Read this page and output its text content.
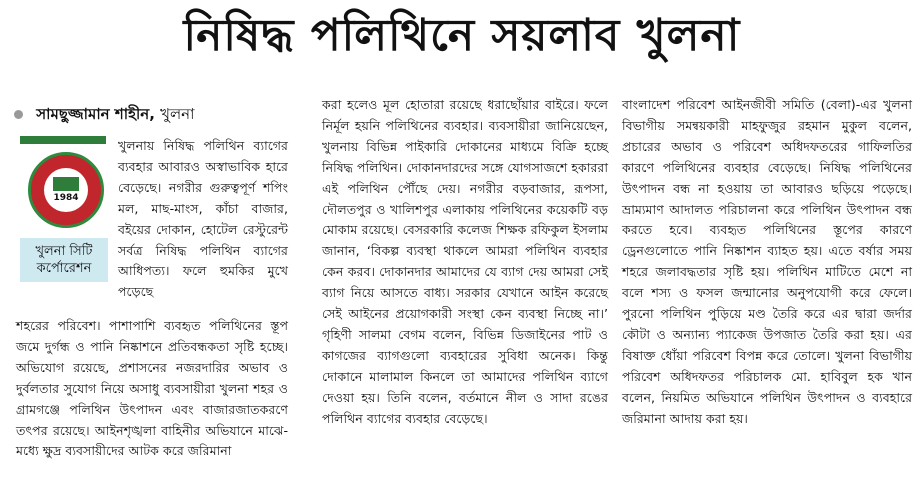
নিষিদ্ধ পলিথিনে সয়লাব খুলনা
সামছুজ্জামান শাহীন, খুলনা
1984
খুলনা সিটি কর্পোরেশন

খুলনায় নিষিদ্ধ পলিথিন ব্যাগের ব্যবহার আবারও অস্বাভাবিক হারে বেড়েছে। নগরীর গুরুত্বপূর্ণ শপিং মল, মাছ-মাংস, কাঁচা বাজার, বইয়ের দোকান, হোটেল রেস্টুরেন্ট সর্বত্র নিষিদ্ধ পলিথিন ব্যাগের আধিপত্য। ফলে হুমকির মুখে পড়েছে

শহরের পরিবেশ। পাশাপাশি ব্যবহৃত পলিথিনের স্তূপ জমে দুর্গন্ধ ও পানি নিষ্কাশনে প্রতিবন্ধকতা সৃষ্টি হচ্ছে। অভিযোগ রয়েছে, প্রশাসনের নজরদারির অভাব ও দুর্বলতার সুযোগ নিয়ে অসাধু ব্যবসায়ীরা খুলনা শহর ও গ্রামগঞ্জে পলিথিন উৎপাদন এবং বাজারজাতকরণে তৎপর রয়েছে। আইনশৃঙ্খলা বাহিনীর অভিযানে মাঝে-মধ্যে ক্ষুদ্র ব্যবসায়ীদের আটক করে জরিমানা

করা হলেও মূল হোতারা রয়েছে ধরাছোঁয়ার বাইরে। ফলে নির্মূল হয়নি পলিথিনের ব্যবহার। ব্যবসায়ীরা জানিয়েছেন, খুলনায় বিভিন্ন পাইকারি দোকানের মাধ্যমে বিক্রি হচ্ছে নিষিদ্ধ পলিথিন। দোকানদারদের সঙ্গে যোগসাজশে হকাররা এই পলিথিন পৌঁছে দেয়। নগরীর বড়বাজার, রূপসা, দৌলতপুর ও খালিশপুর এলাকায় পলিথিনের কয়েকটি বড় মোকাম রয়েছে। বেসরকারি কলেজ শিক্ষক রফিকুল ইসলাম জানান, ‘বিকল্প ব্যবস্থা থাকলে আমরা পলিথিন ব্যবহার কেন করব। দোকানদার আমাদের যে ব্যাগ দেয় আমরা সেই ব্যাগ নিয়ে আসতে বাধ্য। সরকার যেখানে আইন করেছে সেই আইনের প্রয়োগকারী সংস্থা কেন ব্যবস্থা নিচ্ছে না।’ গৃহিণী সালমা বেগম বলেন, বিভিন্ন ডিজাইনের পাট ও কাগজের ব্যাগগুলো ব্যবহারের সুবিধা অনেক। কিন্তু দোকানে মালামাল কিনলে তা আমাদের পলিথিন ব্যাগে দেওয়া হয়। তিনি বলেন, বর্তমানে নীল ও সাদা রঙের পলিথিন ব্যাগের ব্যবহার বেড়েছে।

বাংলাদেশ পরিবেশ আইনজীবী সমিতি (বেলা)-এর খুলনা বিভাগীয় সমন্বয়কারী মাহফুজুর রহমান মুকুল বলেন, প্রচারের অভাব ও পরিবেশ অধিদফতরের গাফিলতির কারণে পলিথিনের ব্যবহার বেড়েছে। নিষিদ্ধ পলিথিনের উৎপাদন বন্ধ না হওয়ায় তা আবারও ছড়িয়ে পড়েছে। ভ্রাম্যমাণ আদালত পরিচালনা করে পলিথিন উৎপাদন বন্ধ করতে হবে। ব্যবহৃত পলিথিনের স্তূপের কারণে ড্রেনগুলোতে পানি নিষ্কাশন ব্যাহত হয়। এতে বর্ষার সময় শহরে জলাবদ্ধতার সৃষ্টি হয়। পলিথিন মাটিতে মেশে না বলে শস্য ও ফসল জন্মানোর অনুপযোগী করে ফেলে। পুরনো পলিথিন পুড়িয়ে মণ্ড তৈরি করে এর দ্বারা জর্দার কৌটা ও অন্যান্য প্যাকেজ উপজাত তৈরি করা হয়। এর বিষাক্ত ধোঁয়া পরিবেশ বিপন্ন করে তোলে। খুলনা বিভাগীয় পরিবেশ অধিদফতর পরিচালক মো. হাবিবুল হক খান বলেন, নিয়মিত অভিযানে পলিথিন উৎপাদন ও ব্যবহারে জরিমানা আদায় করা হয়।
